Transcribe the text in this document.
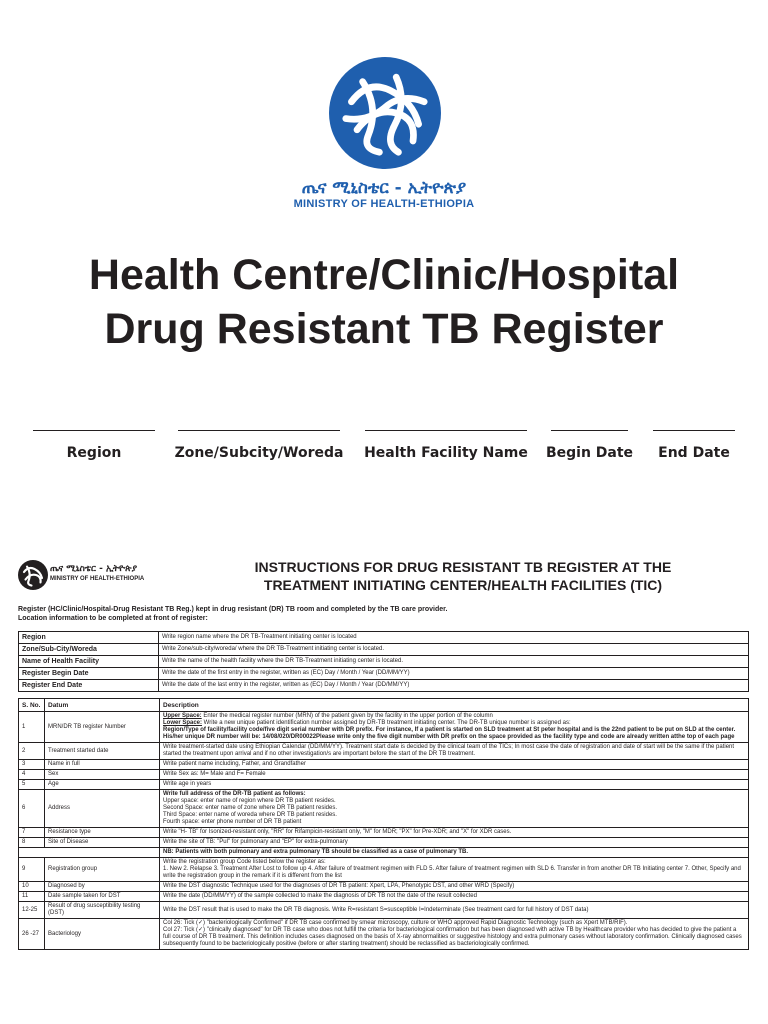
ጤና ሚኒስቴር - ኢትዮጵያ
MINISTRY OF HEALTH-ETHIOPIA
Health Centre/Clinic/Hospital
Drug Resistant TB Register
Region	Zone/Subcity/Woreda	Health Facility Name	Begin Date	End Date
ጤና ሚኒስቴር - ኢትዮጵያ
MINISTRY OF HEALTH-ETHIOPIA
INSTRUCTIONS FOR DRUG RESISTANT TB REGISTER AT THE
TREATMENT INITIATING CENTER/HEALTH FACILITIES (TIC)
Register (HC/Clinic/Hospital-Drug Resistant TB Reg.) kept in drug resistant (DR) TB room and completed by the TB care provider.
Location information to be completed at front of register:
Region	Write region name where the DR TB-Treatment initiating center is located
Zone/Sub-City/Woreda	Write Zone/sub-city/woreda/ where the DR TB-Treatment initiating center is located.
Name of Health Facility	Write the name of the health facility where the DR TB-Treatment initiating center is located.
Register Begin Date	Write the date of the first entry in the register, written as (EC) Day / Month / Year (DD/MM/YY)
Register End Date	Write the date of the last entry in the register, written as (EC) Day / Month / Year (DD/MM/YY)
S. No.	Datum	Description
1	MRN/DR TB register Number	Upper Space: Enter the medical register number (MRN) of the patient given by the facility in the upper portion of the column

Lower Space: Write a new unique patient identification number assigned by DR-TB treatment initiating center. The DR-TB unique number is assigned as:

Region/Type of facility/facility code/five digit serial number with DR prefix. For instance, If a patient is started on SLD treatment at St peter hospital and is the 22nd patient to be put on SLD at the center.

His/her unique DR number will be: 14/08/020/DR00022Please write only the five digit number with DR prefix on the space provided as the facility type and code are already written atthe top of each page

2	Treatment started date	Write treatment-started date using Ethiopian Calendar (DD/MM/YY). Treatment start date is decided by the clinical team of the TICs; In most case the date of registration and date of start will be the same if the patient started the treatment upon arrival and if no other investigation/s are important before the start of the DR TB treatment.
3	Name in full	Write patient name including, Father, and Grandfather
4	Sex	Write Sex as: M= Male and F= Female
5	Age	Write age in years
6	Address	Write full address of the DR-TB patient as follows:

Upper space: enter name of region where DR TB patient resides.

Second Space: enter name of zone where DR TB patient resides.

Third Space: enter name of woreda where DR TB patient resides.

Fourth space: enter phone number of DR TB patient

7	Resistance type	Write "H- TB" for Isonized-resistant only, "RR" for Rifampicin-resistant only, "M" for MDR; "PX" for Pre-XDR; and "X" for XDR cases.
8	Site of Disease	Write the site of TB: "Pul" for pulmonary and "EP" for extra-pulmonary
		NB: Patients with both pulmonary and extra pulmonary TB should be classified as a case of pulmonary TB.
9	Registration group	Write the registration group Code listed below the register as:

1. New 2. Relapse 3. Treatment After Lost to follow up 4. After failure of treatment regimen with FLD 5. After failure of treatment regimen with SLD 6. Transfer in from another DR TB Initiating center 7. Other, Specify and write the registration group in the remark if it is different from the list

10	Diagnosed by	Write the DST diagnostic Technique used for the diagnoses of DR TB patient: Xpert, LPA, Phenotypic DST, and other WRD (Specify)
11	Date sample taken for DST	Write the date (DD/MM/YY) of the sample collected to make the diagnosis of DR TB not the date of the result collected
12-25	Result of drug susceptibility testing (DST)	Write the DST result that is used to make the DR TB diagnosis. Write R=resistant S=susceptible I=Indeterminate (See treatment card for full history of DST data)
26 -27	Bacteriology	Col 26: Tick (✓) "bacteriologically Confirmed" if DR TB case confirmed by smear microscopy, culture or WHO approved Rapid Diagnostic Technology (such as Xpert MTB/RIF).

Col 27: Tick (✓) "clinically diagnosed" for DR TB case who does not fulfill the criteria for bacteriological confirmation but has been diagnosed with active TB by Healthcare provider who has decided to give the patient a full course of DR TB treatment. This definition includes cases diagnosed on the basis of X-ray abnormalities or suggestive histology and extra pulmonary cases without laboratory confirmation. Clinically diagnosed cases subsequently found to be bacteriologically positive (before or after starting treatment) should be reclassified as bacteriologically confirmed.
